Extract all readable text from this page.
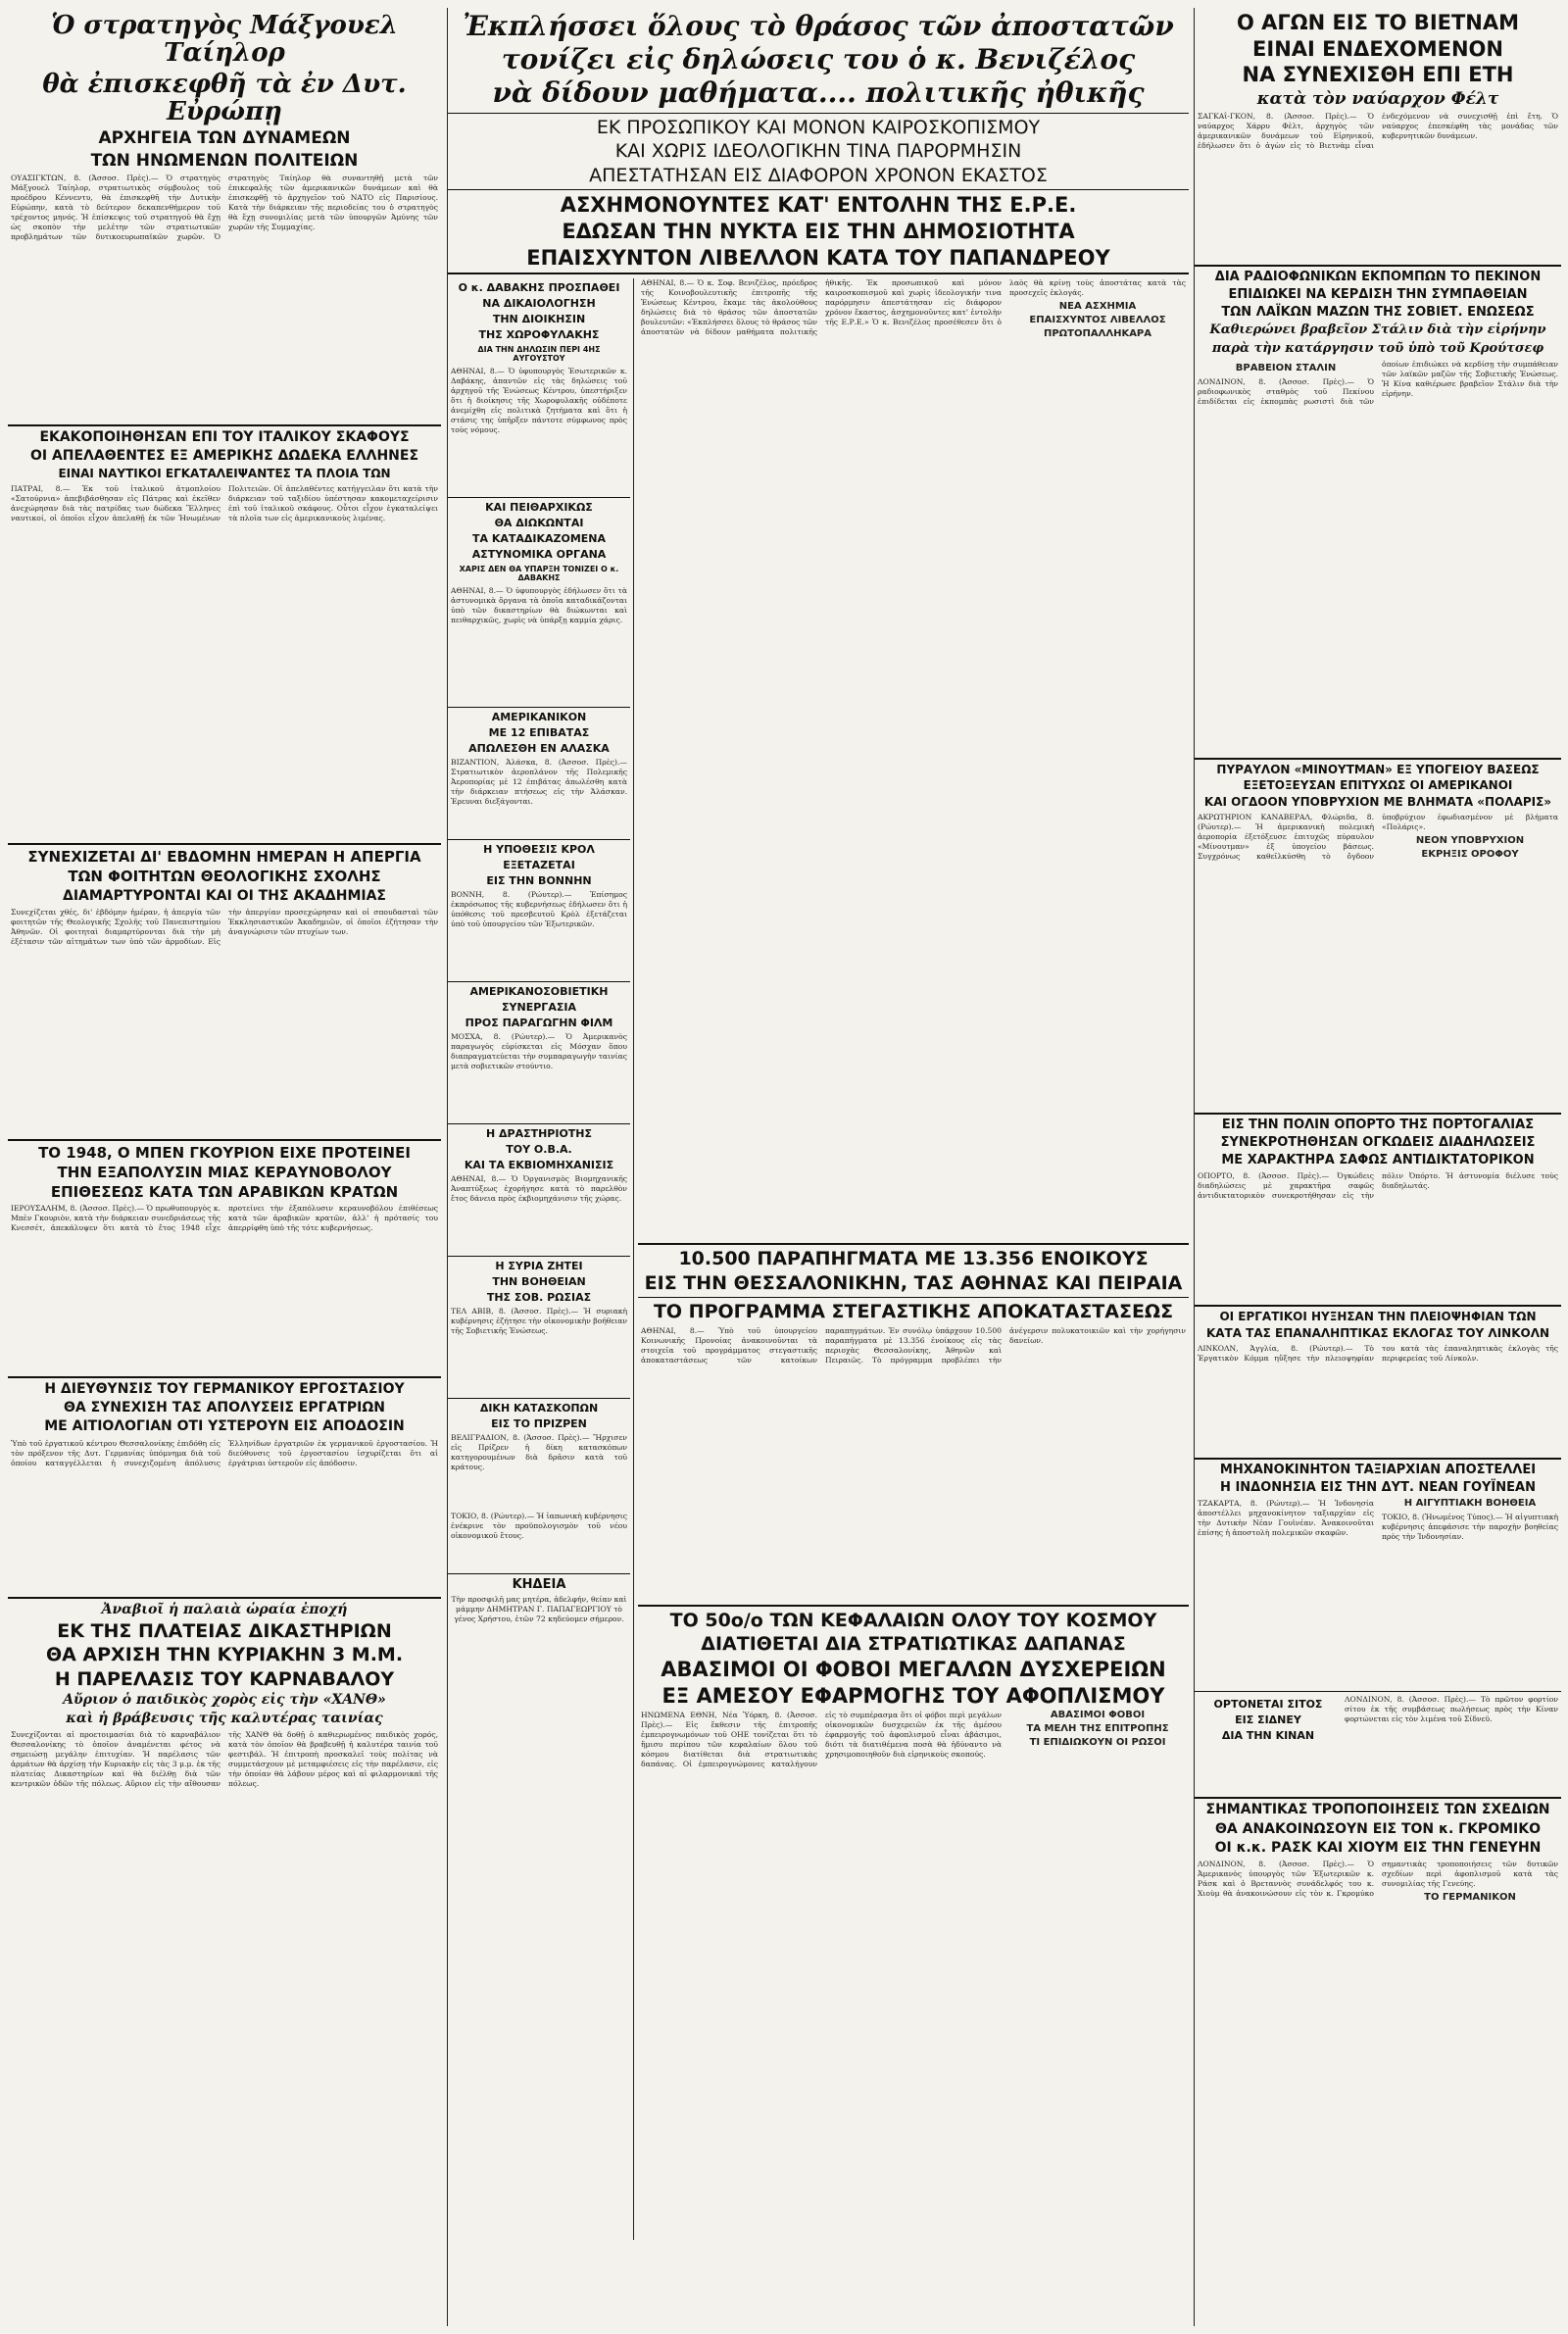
Ὁ στρατηγὸς Μάξγουελ Ταίηλορ
θὰ ἐπισκεφθῆ τὰ ἐν Δυτ. Εὐρώπῃ
ΑΡΧΗΓΕΙΑ ΤΩΝ ΔΥΝΑΜΕΩΝ
ΤΩΝ ΗΝΩΜΕΝΩΝ ΠΟΛΙΤΕΙΩΝ
ΟΥΑΣΙΓΚΤΩΝ, 8. (Ἀσσοσ. Πρὲς).— Ὁ στρατηγὸς Μάξγουελ Ταίηλορ, στρατιωτικὸς σύμβουλος τοῦ προέδρου Κέννεντυ, θὰ ἐπισκεφθῆ τὴν Δυτικὴν Εὐρώπην, κατὰ τὸ δεύτερον δεκαπενθήμερον τοῦ τρέχοντος μηνός. Ἡ ἐπίσκεψις τοῦ στρατηγοῦ θὰ ἔχῃ ὡς σκοπὸν τὴν μελέτην τῶν στρατιωτικῶν προβλημάτων τῶν δυτικοευρωπαϊκῶν χωρῶν. Ὁ στρατηγὸς Ταίηλορ θὰ συναντηθῇ μετὰ τῶν ἐπικεφαλῆς τῶν ἀμερικανικῶν δυνάμεων καὶ θὰ ἐπισκεφθῇ τὸ ἀρχηγεῖον τοῦ ΝΑΤΟ εἰς Παρισίους. Κατὰ τὴν διάρκειαν τῆς περιοδείας του ὁ στρατηγὸς θὰ ἔχῃ συνομιλίας μετὰ τῶν ὑπουργῶν Ἀμύνης τῶν χωρῶν τῆς Συμμαχίας.
ΕΚΑΚΟΠΟΙΗΘΗΣΑΝ ΕΠΙ ΤΟΥ ΙΤΑΛΙΚΟΥ ΣΚΑΦΟΥΣ
ΟΙ ΑΠΕΛΑΘΕΝΤΕΣ ΕΞ ΑΜΕΡΙΚΗΣ ΔΩΔΕΚΑ ΕΛΛΗΝΕΣ
ΕΙΝΑΙ ΝΑΥΤΙΚΟΙ ΕΓΚΑΤΑΛΕΙΨΑΝΤΕΣ ΤΑ ΠΛΟΙΑ ΤΩΝ
ΠΑΤΡΑΙ, 8.— Ἐκ τοῦ ἰταλικοῦ ἀτμοπλοίου «Σατούρνια» ἀπεβιβάσθησαν εἰς Πάτρας καὶ ἐκεῖθεν ἀνεχώρησαν διὰ τὰς πατρίδας των δώδεκα Ἕλληνες ναυτικοί, οἱ ὁποῖοι εἶχον ἀπελαθῇ ἐκ τῶν Ἡνωμένων Πολιτειῶν. Οἱ ἀπελαθέντες κατήγγειλαν ὅτι κατὰ τὴν διάρκειαν τοῦ ταξιδίου ὑπέστησαν κακομεταχείρισιν ἐπὶ τοῦ ἰταλικοῦ σκάφους. Οὗτοι εἶχον ἐγκαταλείψει τὰ πλοῖα των εἰς ἀμερικανικοὺς λιμένας.
ΣΥΝΕΧΙΖΕΤΑΙ ΔΙ' ΕΒΔΟΜΗΝ ΗΜΕΡΑΝ Η ΑΠΕΡΓΙΑ
ΤΩΝ ΦΟΙΤΗΤΩΝ ΘΕΟΛΟΓΙΚΗΣ ΣΧΟΛΗΣ
ΔΙΑΜΑΡΤΥΡΟΝΤΑΙ ΚΑΙ ΟΙ ΤΗΣ ΑΚΑΔΗΜΙΑΣ
Συνεχίζεται χθές, δι' ἑβδόμην ἡμέραν, ἡ ἀπεργία τῶν φοιτητῶν τῆς Θεολογικῆς Σχολῆς τοῦ Πανεπιστημίου Ἀθηνῶν. Οἱ φοιτηταὶ διαμαρτύρονται διὰ τὴν μὴ ἐξέτασιν τῶν αἰτημάτων των ὑπὸ τῶν ἁρμοδίων. Εἰς τὴν ἀπεργίαν προσεχώρησαν καὶ οἱ σπουδασταὶ τῶν Ἐκκλησιαστικῶν Ἀκαδημιῶν, οἱ ὁποῖοι ἐζήτησαν τὴν ἀναγνώρισιν τῶν πτυχίων των.
ΤΟ 1948, Ο ΜΠΕΝ ΓΚΟΥΡΙΟΝ ΕΙΧΕ ΠΡΟΤΕΙΝΕΙ
ΤΗΝ ΕΞΑΠΟΛΥΣΙΝ ΜΙΑΣ ΚΕΡΑΥΝΟΒΟΛΟΥ
ΕΠΙΘΕΣΕΩΣ ΚΑΤΑ ΤΩΝ ΑΡΑΒΙΚΩΝ ΚΡΑΤΩΝ
ΙΕΡΟΥΣΑΛΗΜ, 8. (Ἀσσοσ. Πρὲς).— Ὁ πρωθυπουργὸς κ. Μπὲν Γκουριὸν, κατὰ τὴν διάρκειαν συνεδριάσεως τῆς Κνεσσέτ, ἀπεκάλυψεν ὅτι κατὰ τὸ ἔτος 1948 εἶχε προτείνει τὴν ἐξαπόλυσιν κεραυνοβόλου ἐπιθέσεως κατὰ τῶν ἀραβικῶν κρατῶν, ἀλλ' ἡ πρότασίς του ἀπερρίφθη ὑπὸ τῆς τότε κυβερνήσεως.
Η ΔΙΕΥΘΥΝΣΙΣ ΤΟΥ ΓΕΡΜΑΝΙΚΟΥ ΕΡΓΟΣΤΑΣΙΟΥ
ΘΑ ΣΥΝΕΧΙΣΗ ΤΑΣ ΑΠΟΛΥΣΕΙΣ ΕΡΓΑΤΡΙΩΝ
ΜΕ ΑΙΤΙΟΛΟΓΙΑΝ ΟΤΙ ΥΣΤΕΡΟΥΝ ΕΙΣ ΑΠΟΔΟΣΙΝ
Ὑπὸ τοῦ ἐργατικοῦ κέντρου Θεσσαλονίκης ἐπιδόθη εἰς τὸν πρόξενον τῆς Δυτ. Γερμανίας ὑπόμνημα διὰ τοῦ ὁποίου καταγγέλλεται ἡ συνεχιζομένη ἀπόλυσις Ἑλληνίδων ἐργατριῶν ἐκ γερμανικοῦ ἐργοστασίου. Ἡ διεύθυνσις τοῦ ἐργοστασίου ἰσχυρίζεται ὅτι αἱ ἐργάτριαι ὑστεροῦν εἰς ἀπόδοσιν.
Ἀναβιοῖ ἡ παλαιὰ ὡραία ἐποχή
ΕΚ ΤΗΣ ΠΛΑΤΕΙΑΣ ΔΙΚΑΣΤΗΡΙΩΝ
ΘΑ ΑΡΧΙΣΗ ΤΗΝ ΚΥΡΙΑΚΗΝ 3 Μ.Μ.
Η ΠΑΡΕΛΑΣΙΣ ΤΟΥ ΚΑΡΝΑΒΑΛΟΥ
Αὔριον ὁ παιδικὸς χορὸς εἰς τὴν «ΧΑΝΘ»
καὶ ἡ βράβευσις τῆς καλυτέρας ταινίας
Συνεχίζονται αἱ προετοιμασίαι διὰ τὸ καρναβάλιον Θεσσαλονίκης τὸ ὁποῖον ἀναμένεται φέτος νὰ σημειώσῃ μεγάλην ἐπιτυχίαν. Ἡ παρέλασις τῶν ἁρμάτων θὰ ἀρχίσῃ τὴν Κυριακὴν εἰς τὰς 3 μ.μ. ἐκ τῆς πλατείας Δικαστηρίων καὶ θὰ διέλθῃ διὰ τῶν κεντρικῶν ὁδῶν τῆς πόλεως. Αὔριον εἰς τὴν αἴθουσαν τῆς ΧΑΝΘ θὰ δοθῇ ὁ καθιερωμένος παιδικὸς χορός, κατὰ τὸν ὁποῖον θὰ βραβευθῇ ἡ καλυτέρα ταινία τοῦ φεστιβάλ. Ἡ ἐπιτροπὴ προσκαλεῖ τοὺς πολίτας νὰ συμμετάσχουν μὲ μεταμφιέσεις εἰς τὴν παρέλασιν, εἰς τὴν ὁποίαν θὰ λάβουν μέρος καὶ αἱ φιλαρμονικαὶ τῆς πόλεως.
Ἐκπλήσσει ὅλους τὸ θράσος τῶν ἀποστατῶν
τονίζει εἰς δηλώσεις του ὁ κ. Βενιζέλος
νὰ δίδουν μαθήματα.... πολιτικῆς ἠθικῆς
ΕΚ ΠΡΟΣΩΠΙΚΟΥ ΚΑΙ ΜΟΝΟΝ ΚΑΙΡΟΣΚΟΠΙΣΜΟΥ
ΚΑΙ ΧΩΡΙΣ ΙΔΕΟΛΟΓΙΚΗΝ ΤΙΝΑ ΠΑΡΟΡΜΗΣΙΝ
ΑΠΕΣΤΑΤΗΣΑΝ ΕΙΣ ΔΙΑΦΟΡΟΝ ΧΡΟΝΟΝ ΕΚΑΣΤΟΣ
ΑΣΧΗΜΟΝΟΥΝΤΕΣ ΚΑΤ' ΕΝΤΟΛΗΝ ΤΗΣ Ε.Ρ.Ε.
ΕΔΩΣΑΝ ΤΗΝ ΝΥΚΤΑ ΕΙΣ ΤΗΝ ΔΗΜΟΣΙΟΤΗΤΑ
ΕΠΑΙΣΧΥΝΤΟΝ ΛΙΒΕΛΛΟΝ ΚΑΤΑ ΤΟΥ ΠΑΠΑΝΔΡΕΟΥ
Ο κ. ΔΑΒΑΚΗΣ ΠΡΟΣΠΑΘΕΙ
ΝΑ ΔΙΚΑΙΟΛΟΓΗΣΗ
ΤΗΝ ΔΙΟΙΚΗΣΙΝ
ΤΗΣ ΧΩΡΟΦΥΛΑΚΗΣ
ΔΙΑ ΤΗΝ ΔΗΛΩΣΙΝ ΠΕΡΙ 4ΗΣ ΑΥΓΟΥΣΤΟΥ
ΑΘΗΝΑΙ, 8.— Ὁ ὑφυπουργὸς Ἐσωτερικῶν κ. Δαβάκης, ἀπαντῶν εἰς τὰς δηλώσεις τοῦ ἀρχηγοῦ τῆς Ἑνώσεως Κέντρου, ὑπεστήριξεν ὅτι ἡ διοίκησις τῆς Χωροφυλακῆς οὐδέποτε ἀνεμίχθη εἰς πολιτικὰ ζητήματα καὶ ὅτι ἡ στάσις της ὑπῆρξεν πάντοτε σύμφωνος πρὸς τοὺς νόμους.
ΚΑΙ ΠΕΙΘΑΡΧΙΚΩΣ
ΘΑ ΔΙΩΚΩΝΤΑΙ
ΤΑ ΚΑΤΑΔΙΚΑΖΟΜΕΝΑ
ΑΣΤΥΝΟΜΙΚΑ ΟΡΓΑΝΑ
ΧΑΡΙΣ ΔΕΝ ΘΑ ΥΠΑΡΞΗ ΤΟΝΙΖΕΙ Ο κ. ΔΑΒΑΚΗΣ
ΑΘΗΝΑΙ, 8.— Ὁ ὑφυπουργὸς ἐδήλωσεν ὅτι τὰ ἀστυνομικὰ ὄργανα τὰ ὁποῖα καταδικάζονται ὑπὸ τῶν δικαστηρίων θὰ διώκωνται καὶ πειθαρχικῶς, χωρὶς νὰ ὑπάρξῃ καμμία χάρις.
ΑΜΕΡΙΚΑΝΙΚΟΝ
ΜΕ 12 ΕΠΙΒΑΤΑΣ
ΑΠΩΛΕΣΘΗ ΕΝ ΑΛΑΣΚΑ
ΒΙΖΑΝΤΙΟΝ, Ἀλάσκα, 8. (Ἀσσοσ. Πρὲς).— Στρατιωτικὸν ἀεροπλάνον τῆς Πολεμικῆς Ἀεροπορίας μὲ 12 ἐπιβάτας ἀπωλέσθη κατὰ τὴν διάρκειαν πτήσεως εἰς τὴν Ἀλάσκαν. Ἐρευναι διεξάγονται.
Η ΥΠΟΘΕΣΙΣ ΚΡΟΛ
ΕΞΕΤΑΖΕΤΑΙ
ΕΙΣ ΤΗΝ ΒΟΝΝΗΝ
ΒΟΝΝΗ, 8. (Ρώυτερ).— Ἐπίσημος ἐκπρόσωπος τῆς κυβερνήσεως ἐδήλωσεν ὅτι ἡ ὑπόθεσις τοῦ πρεσβευτοῦ Κρὸλ ἐξετάζεται ὑπὸ τοῦ ὑπουργείου τῶν Ἐξωτερικῶν.
ΑΜΕΡΙΚΑΝΟΣΟΒΙΕΤΙΚΗ
ΣΥΝΕΡΓΑΣΙΑ
ΠΡΟΣ ΠΑΡΑΓΩΓΗΝ ΦΙΛΜ
ΜΟΣΧΑ, 8. (Ρώυτερ).— Ὁ Ἀμερικανὸς παραγωγὸς εὑρίσκεται εἰς Μόσχαν ὅπου διαπραγματεύεται τὴν συμπαραγωγὴν ταινίας μετὰ σοβιετικῶν στούντιο.
Η ΔΡΑΣΤΗΡΙΟΤΗΣ
ΤΟΥ Ο.Β.Α.
ΚΑΙ ΤΑ ΕΚΒΙΟΜΗΧΑΝΙΣΙΣ
ΑΘΗΝΑΙ, 8.— Ὁ Ὀργανισμὸς Βιομηχανικῆς Ἀναπτύξεως ἐχορήγησε κατὰ τὸ παρελθὸν ἔτος δάνεια πρὸς ἐκβιομηχάνισιν τῆς χώρας.
Η ΣΥΡΙΑ ΖΗΤΕΙ
ΤΗΝ ΒΟΗΘΕΙΑΝ
ΤΗΣ ΣΟΒ. ΡΩΣΙΑΣ
ΤΕΛ ΑΒΙΒ, 8. (Ἀσσοσ. Πρὲς).— Ἡ συριακὴ κυβέρνησις ἐζήτησε τὴν οἰκονομικὴν βοήθειαν τῆς Σοβιετικῆς Ἑνώσεως.
ΔΙΚΗ ΚΑΤΑΣΚΟΠΩΝ
ΕΙΣ ΤΟ ΠΡΙΖΡΕΝ
ΒΕΛΙΓΡΑΔΙΟΝ, 8. (Ἀσσοσ. Πρὲς).— Ἤρχισεν εἰς Πρίζρεν ἡ δίκη κατασκόπων κατηγορουμένων διὰ δρᾶσιν κατὰ τοῦ κράτους.
ΤΟΚΙΟ, 8. (Ρώυτερ).— Ἡ ἰαπωνικὴ κυβέρνησις ἐνέκρινε τὸν προϋπολογισμὸν τοῦ νέου οἰκονομικοῦ ἔτους.
ΚΗΔΕΙΑ
Τὴν προσφιλῆ μας μητέρα, ἀδελφήν, θείαν καὶ μάμμην ΔΗΜΗΤΡΑΝ Γ. ΠΑΠΑΓΕΩΡΓΙΟΥ τὸ γένος Χρήστου, ἐτῶν 72 κηδεύομεν σήμερον.
ΑΘΗΝΑΙ, 8.— Ὁ κ. Σοφ. Βενιζέλος, πρόεδρος τῆς Κοινοβουλευτικῆς ἐπιτροπῆς τῆς Ἑνώσεως Κέντρου, ἔκαμε τὰς ἀκολούθους δηλώσεις διὰ τὸ θράσος τῶν ἀποστατῶν βουλευτῶν: «Ἐκπλήσσει ὅλους τὸ θράσος τῶν ἀποστατῶν νὰ δίδουν μαθήματα πολιτικῆς ἠθικῆς. Ἐκ προσωπικοῦ καὶ μόνον καιροσκοπισμοῦ καὶ χωρὶς ἰδεολογικήν τινα παρόρμησιν ἀπεστάτησαν εἰς διάφορον χρόνον ἕκαστος, ἀσχημονοῦντες κατ' ἐντολὴν τῆς Ε.Ρ.Ε.» Ὁ κ. Βενιζέλος προσέθεσεν ὅτι ὁ λαὸς θὰ κρίνῃ τοὺς ἀποστάτας κατὰ τὰς προσεχεῖς ἐκλογάς.
ΝΕΑ ΑΣΧΗΜΙΑ
ΕΠΑΙΣΧΥΝΤΟΣ ΛΙΒΕΛΛΟΣ
ΠΡΩΤΟΠΑΛΛΗΚΑΡΑ
10.500 ΠΑΡΑΠΗΓΜΑΤΑ ΜΕ 13.356 ΕΝΟΙΚΟΥΣ
ΕΙΣ ΤΗΝ ΘΕΣΣΑΛΟΝΙΚΗΝ, ΤΑΣ ΑΘΗΝΑΣ ΚΑΙ ΠΕΙΡΑΙΑ
ΤΟ ΠΡΟΓΡΑΜΜΑ ΣΤΕΓΑΣΤΙΚΗΣ ΑΠΟΚΑΤΑΣΤΑΣΕΩΣ
ΑΘΗΝΑΙ, 8.— Ὑπὸ τοῦ ὑπουργείου Κοινωνικῆς Προνοίας ἀνακοινοῦνται τὰ στοιχεῖα τοῦ προγράμματος στεγαστικῆς ἀποκαταστάσεως τῶν κατοίκων παραπηγμάτων. Ἐν συνόλῳ ὑπάρχουν 10.500 παραπήγματα μὲ 13.356 ἐνοίκους εἰς τὰς περιοχὰς Θεσσαλονίκης, Ἀθηνῶν καὶ Πειραιῶς. Τὸ πρόγραμμα προβλέπει τὴν ἀνέγερσιν πολυκατοικιῶν καὶ τὴν χορήγησιν δανείων.
ΤΟ 50ο/ο ΤΩΝ ΚΕΦΑΛΑΙΩΝ ΟΛΟΥ ΤΟΥ ΚΟΣΜΟΥ
ΔΙΑΤΙΘΕΤΑΙ ΔΙΑ ΣΤΡΑΤΙΩΤΙΚΑΣ ΔΑΠΑΝΑΣ
ΑΒΑΣΙΜΟΙ ΟΙ ΦΟΒΟΙ ΜΕΓΑΛΩΝ ΔΥΣΧΕΡΕΙΩΝ
ΕΞ ΑΜΕΣΟΥ ΕΦΑΡΜΟΓΗΣ ΤΟΥ ΑΦΟΠΛΙΣΜΟΥ
ΗΝΩΜΕΝΑ ΕΘΝΗ, Νέα Ὑόρκη, 8. (Ἀσσοσ. Πρὲς).— Εἰς ἔκθεσιν τῆς ἐπιτροπῆς ἐμπειρογνωμόνων τοῦ ΟΗΕ τονίζεται ὅτι τὸ ἥμισυ περίπου τῶν κεφαλαίων ὅλου τοῦ κόσμου διατίθεται διὰ στρατιωτικὰς δαπάνας. Οἱ ἐμπειρογνώμονες καταλήγουν εἰς τὸ συμπέρασμα ὅτι οἱ φόβοι περὶ μεγάλων οἰκονομικῶν δυσχερειῶν ἐκ τῆς ἀμέσου ἐφαρμογῆς τοῦ ἀφοπλισμοῦ εἶναι ἀβάσιμοι, διότι τὰ διατιθέμενα ποσὰ θὰ ἠδύναντο νὰ χρησιμοποιηθοῦν διὰ εἰρηνικοὺς σκοπούς.
ΑΒΑΣΙΜΟΙ ΦΟΒΟΙ
ΤΑ ΜΕΛΗ ΤΗΣ ΕΠΙΤΡΟΠΗΣ
ΤΙ ΕΠΙΔΙΩΚΟΥΝ ΟΙ ΡΩΣΟΙ
Ο ΑΓΩΝ ΕΙΣ ΤΟ ΒΙΕΤΝΑΜ
ΕΙΝΑΙ ΕΝΔΕΧΟΜΕΝΟΝ
ΝΑ ΣΥΝΕΧΙΣΘΗ ΕΠΙ ΕΤΗ
κατὰ τὸν ναύαρχον Φέλτ
ΣΑΓΚΑΐ-ΓΚΟΝ, 8. (Ἀσσοσ. Πρὲς).— Ὁ ναύαρχος Χάρρυ Φὲλτ, ἀρχηγὸς τῶν ἀμερικανικῶν δυνάμεων τοῦ Εἰρηνικοῦ, ἐδήλωσεν ὅτι ὁ ἀγὼν εἰς τὸ Βιετνὰμ εἶναι ἐνδεχόμενον νὰ συνεχισθῇ ἐπὶ ἔτη. Ὁ ναύαρχος ἐπεσκέφθη τὰς μονάδας τῶν κυβερνητικῶν δυνάμεων.
ΔΙΑ ΡΑΔΙΟΦΩΝΙΚΩΝ ΕΚΠΟΜΠΩΝ ΤΟ ΠΕΚΙΝΟΝ
ΕΠΙΔΙΩΚΕΙ ΝΑ ΚΕΡΔΙΣΗ ΤΗΝ ΣΥΜΠΑΘΕΙΑΝ
ΤΩΝ ΛΑΪΚΩΝ ΜΑΖΩΝ ΤΗΣ ΣΟΒΙΕΤ. ΕΝΩΣΕΩΣ
Καθιερώνει βραβεῖον Στάλιν διὰ τὴν εἰρήνην
παρὰ τὴν κατάργησιν τοῦ ὑπὸ τοῦ Κρούτσεφ
ΒΡΑΒΕΙΟΝ ΣΤΑΛΙΝ
ΛΟΝΔΙΝΟΝ, 8. (Ἀσσοσ. Πρὲς).— Ὁ ραδιοφωνικὸς σταθμὸς τοῦ Πεκίνου ἐπιδίδεται εἰς ἐκπομπὰς ρωσιστὶ διὰ τῶν ὁποίων ἐπιδιώκει νὰ κερδίσῃ τὴν συμπάθειαν τῶν λαϊκῶν μαζῶν τῆς Σοβιετικῆς Ἑνώσεως. Ἡ Κίνα καθιέρωσε βραβεῖον Στάλιν διὰ τὴν εἰρήνην.
ΠΥΡΑΥΛΟΝ «ΜΙΝΟΥΤΜΑΝ» ΕΞ ΥΠΟΓΕΙΟΥ ΒΑΣΕΩΣ
ΕΞΕΤΟΞΕΥΣΑΝ ΕΠΙΤΥΧΩΣ ΟΙ ΑΜΕΡΙΚΑΝΟΙ
ΚΑΙ ΟΓΔΟΟΝ ΥΠΟΒΡΥΧΙΟΝ ΜΕ ΒΛΗΜΑΤΑ «ΠΟΛΑΡΙΣ»
ΑΚΡΩΤΗΡΙΟΝ ΚΑΝΑΒΕΡΑΛ, Φλώριδα, 8. (Ρώυτερ).— Ἡ ἀμερικανικὴ πολεμικὴ ἀεροπορία ἐξετόξευσε ἐπιτυχῶς πύραυλον «Μίνουτμαν» ἐξ ὑπογείου βάσεως. Συγχρόνως καθεῖλκύσθη τὸ ὄγδοον ὑποβρύχιον ἐφωδιασμένον μὲ βλήματα «Πολάρις».
ΝΕΟΝ ΥΠΟΒΡΥΧΙΟΝ
ΕΚΡΗΞΙΣ ΟΡΟΦΟΥ
ΕΙΣ ΤΗΝ ΠΟΛΙΝ ΟΠΟΡΤΟ ΤΗΣ ΠΟΡΤΟΓΑΛΙΑΣ
ΣΥΝΕΚΡΟΤΗΘΗΣΑΝ ΟΓΚΩΔΕΙΣ ΔΙΑΔΗΛΩΣΕΙΣ
ΜΕ ΧΑΡΑΚΤΗΡΑ ΣΑΦΩΣ ΑΝΤΙΔΙΚΤΑΤΟΡΙΚΟΝ
ΟΠΟΡΤΟ, 8. (Ἀσσοσ. Πρὲς).— Ὀγκώδεις διαδηλώσεις μὲ χαρακτῆρα σαφῶς ἀντιδικτατορικὸν συνεκροτήθησαν εἰς τὴν πόλιν Ὀπόρτο. Ἡ ἀστυνομία διέλυσε τοὺς διαδηλωτάς.
ΟΙ ΕΡΓΑΤΙΚΟΙ ΗΥΞΗΣΑΝ ΤΗΝ ΠΛΕΙΟΨΗΦΙΑΝ ΤΩΝ
ΚΑΤΑ ΤΑΣ ΕΠΑΝΑΛΗΠΤΙΚΑΣ ΕΚΛΟΓΑΣ ΤΟΥ ΛΙΝΚΟΛΝ
ΛΙΝΚΟΛΝ, Ἀγγλία, 8. (Ρώυτερ).— Τὸ Ἐργατικὸν Κόμμα ηὔξησε τὴν πλειοψηφίαν του κατὰ τὰς ἐπαναληπτικὰς ἐκλογὰς τῆς περιφερείας τοῦ Λίνκολν.
ΜΗΧΑΝΟΚΙΝΗΤΟΝ ΤΑΞΙΑΡΧΙΑΝ ΑΠΟΣΤΕΛΛΕΙ
Η ΙΝΔΟΝΗΣΙΑ ΕΙΣ ΤΗΝ ΔΥΤ. ΝΕΑΝ ΓΟΥΪΝΕΑΝ
ΤΖΑΚΑΡΤΑ, 8. (Ρώυτερ).— Ἡ Ἰνδονησία ἀποστέλλει μηχανοκίνητον ταξιαρχίαν εἰς τὴν Δυτικὴν Νέαν Γουϊνέαν. Ἀνακοινοῦται ἐπίσης ἡ ἀποστολὴ πολεμικῶν σκαφῶν.
Η ΑΙΓΥΠΤΙΑΚΗ ΒΟΗΘΕΙΑ
ΤΟΚΙΟ, 8. (Ἡνωμένος Τύπος).— Ἡ αἰγυπτιακὴ κυβέρνησις ἀπεφάσισε τὴν παροχὴν βοηθείας πρὸς τὴν Ἰνδονησίαν.
ΟΡΤΟΝΕΤΑΙ ΣΙΤΟΣ
ΕΙΣ ΣΙΔΝΕΥ
ΔΙΑ ΤΗΝ ΚΙΝΑΝ
ΛΟΝΔΙΝΟΝ, 8. (Ἀσσοσ. Πρὲς).— Τὸ πρῶτον φορτίον σίτου ἐκ τῆς συμβάσεως πωλήσεως πρὸς τὴν Κίναν φορτώνεται εἰς τὸν λιμένα τοῦ Σίδνεϋ.
ΣΗΜΑΝΤΙΚΑΣ ΤΡΟΠΟΠΟΙΗΣΕΙΣ ΤΩΝ ΣΧΕΔΙΩΝ
ΘΑ ΑΝΑΚΟΙΝΩΣΟΥΝ ΕΙΣ ΤΟΝ κ. ΓΚΡΟΜΙΚΟ
ΟΙ κ.κ. ΡΑΣΚ ΚΑΙ ΧΙΟΥΜ ΕΙΣ ΤΗΝ ΓΕΝΕΥΗΝ
ΛΟΝΔΙΝΟΝ, 8. (Ἀσσοσ. Πρὲς).— Ὁ Ἀμερικανὸς ὑπουργὸς τῶν Ἐξωτερικῶν κ. Ράσκ καὶ ὁ Βρεταννὸς συνάδελφός του κ. Χιοὺμ θὰ ἀνακοινώσουν εἰς τὸν κ. Γκρομύκο σημαντικὰς τροποποιήσεις τῶν δυτικῶν σχεδίων περὶ ἀφοπλισμοῦ κατὰ τὰς συνομιλίας τῆς Γενεύης.
ΤΟ ΓΕΡΜΑΝΙΚΟΝ
